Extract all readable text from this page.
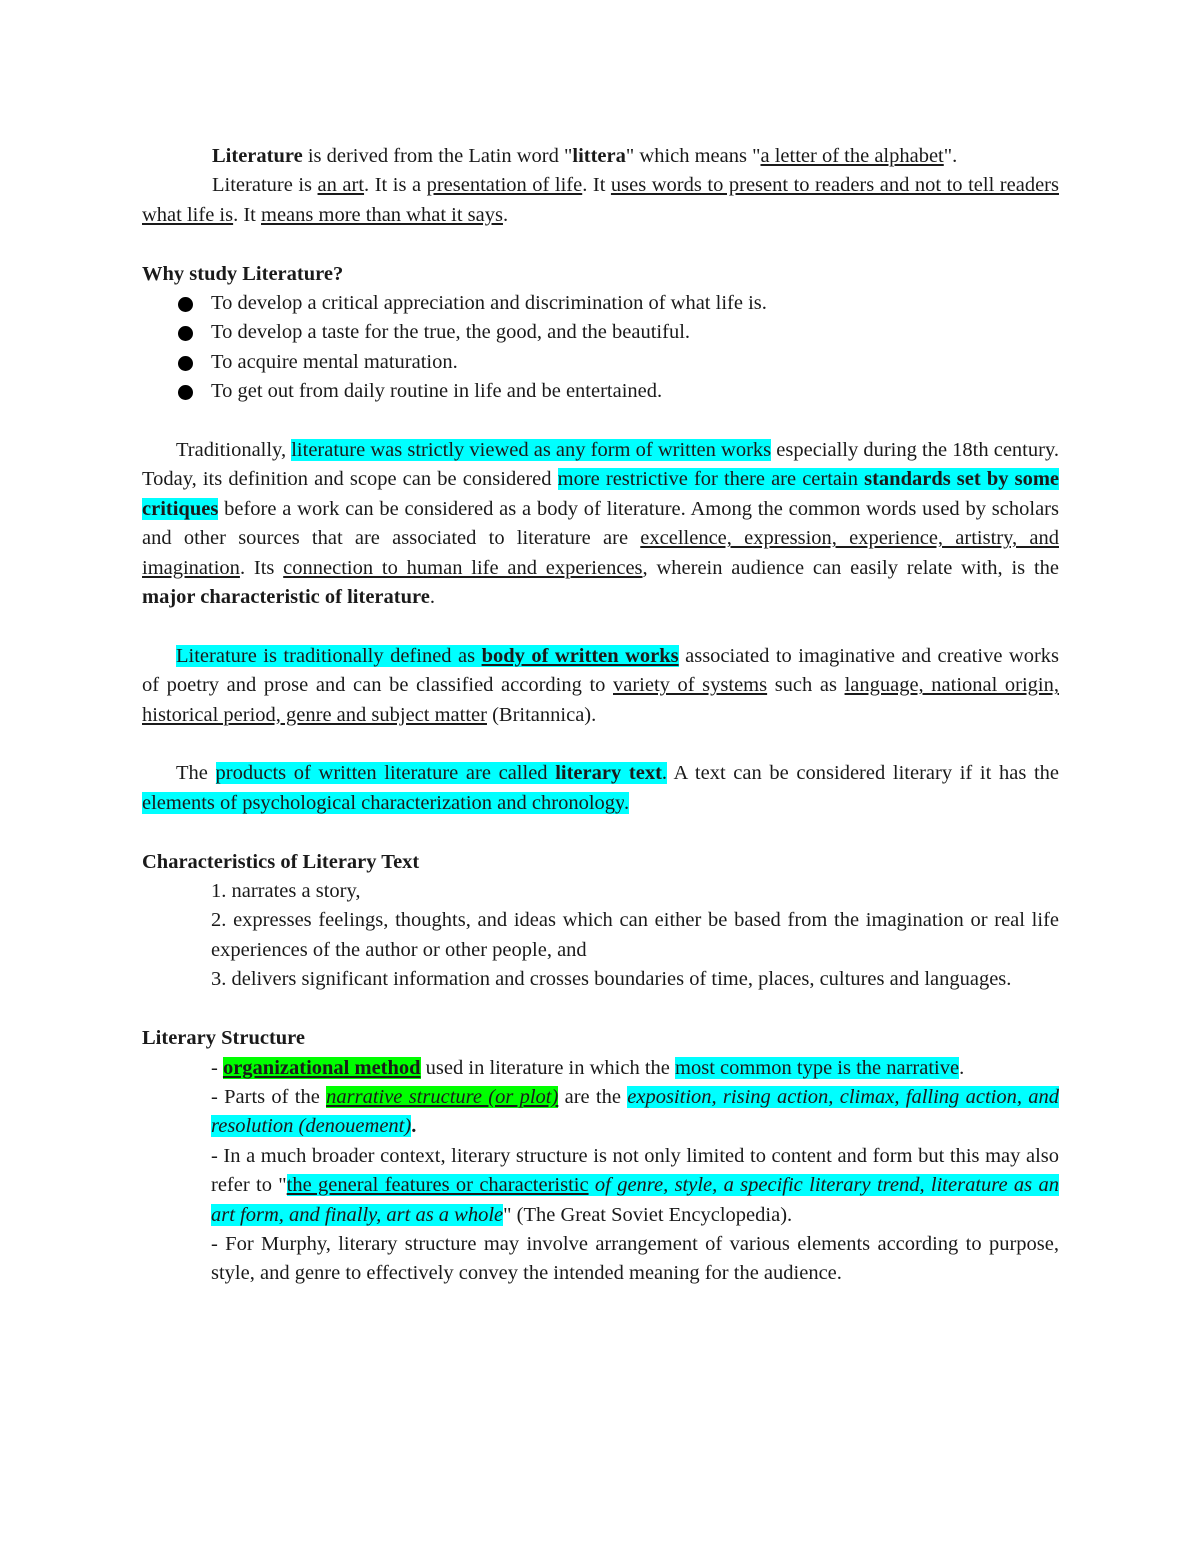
Literature is derived from the Latin word "littera" which means "a letter of the alphabet".

Literature is an art. It is a presentation of life. It uses words to present to readers and not to tell readers what life is. It means more than what it says.

Why study Literature?
To develop a critical appreciation and discrimination of what life is.
To develop a taste for the true, the good, and the beautiful.
To acquire mental maturation.
To get out from daily routine in life and be entertained.

Traditionally, literature was strictly viewed as any form of written works especially during the 18th century. Today, its definition and scope can be considered more restrictive for there are certain standards set by some critiques before a work can be considered as a body of literature. Among the common words used by scholars and other sources that are associated to literature are excellence, expression, experience, artistry, and imagination. Its connection to human life and experiences, wherein audience can easily relate with, is the major characteristic of literature.

Literature is traditionally defined as body of written works associated to imaginative and creative works of poetry and prose and can be classified according to variety of systems such as language, national origin, historical period, genre and subject matter (Britannica).

The products of written literature are called literary text. A text can be considered literary if it has the elements of psychological characterization and chronology.

Characteristics of Literary Text

1. narrates a story,

2. expresses feelings, thoughts, and ideas which can either be based from the imagination or real life experiences of the author or other people, and

3. delivers significant information and crosses boundaries of time, places, cultures and languages.

Literary Structure

- organizational method used in literature in which the most common type is the narrative.

- Parts of the narrative structure (or plot) are the exposition, rising action, climax, falling action, and resolution (denouement).

- In a much broader context, literary structure is not only limited to content and form but this may also refer to "the general features or characteristic of genre, style, a specific literary trend, literature as an art form, and finally, art as a whole" (The Great Soviet Encyclopedia).

- For Murphy, literary structure may involve arrangement of various elements according to purpose, style, and genre to effectively convey the intended meaning for the audience.
